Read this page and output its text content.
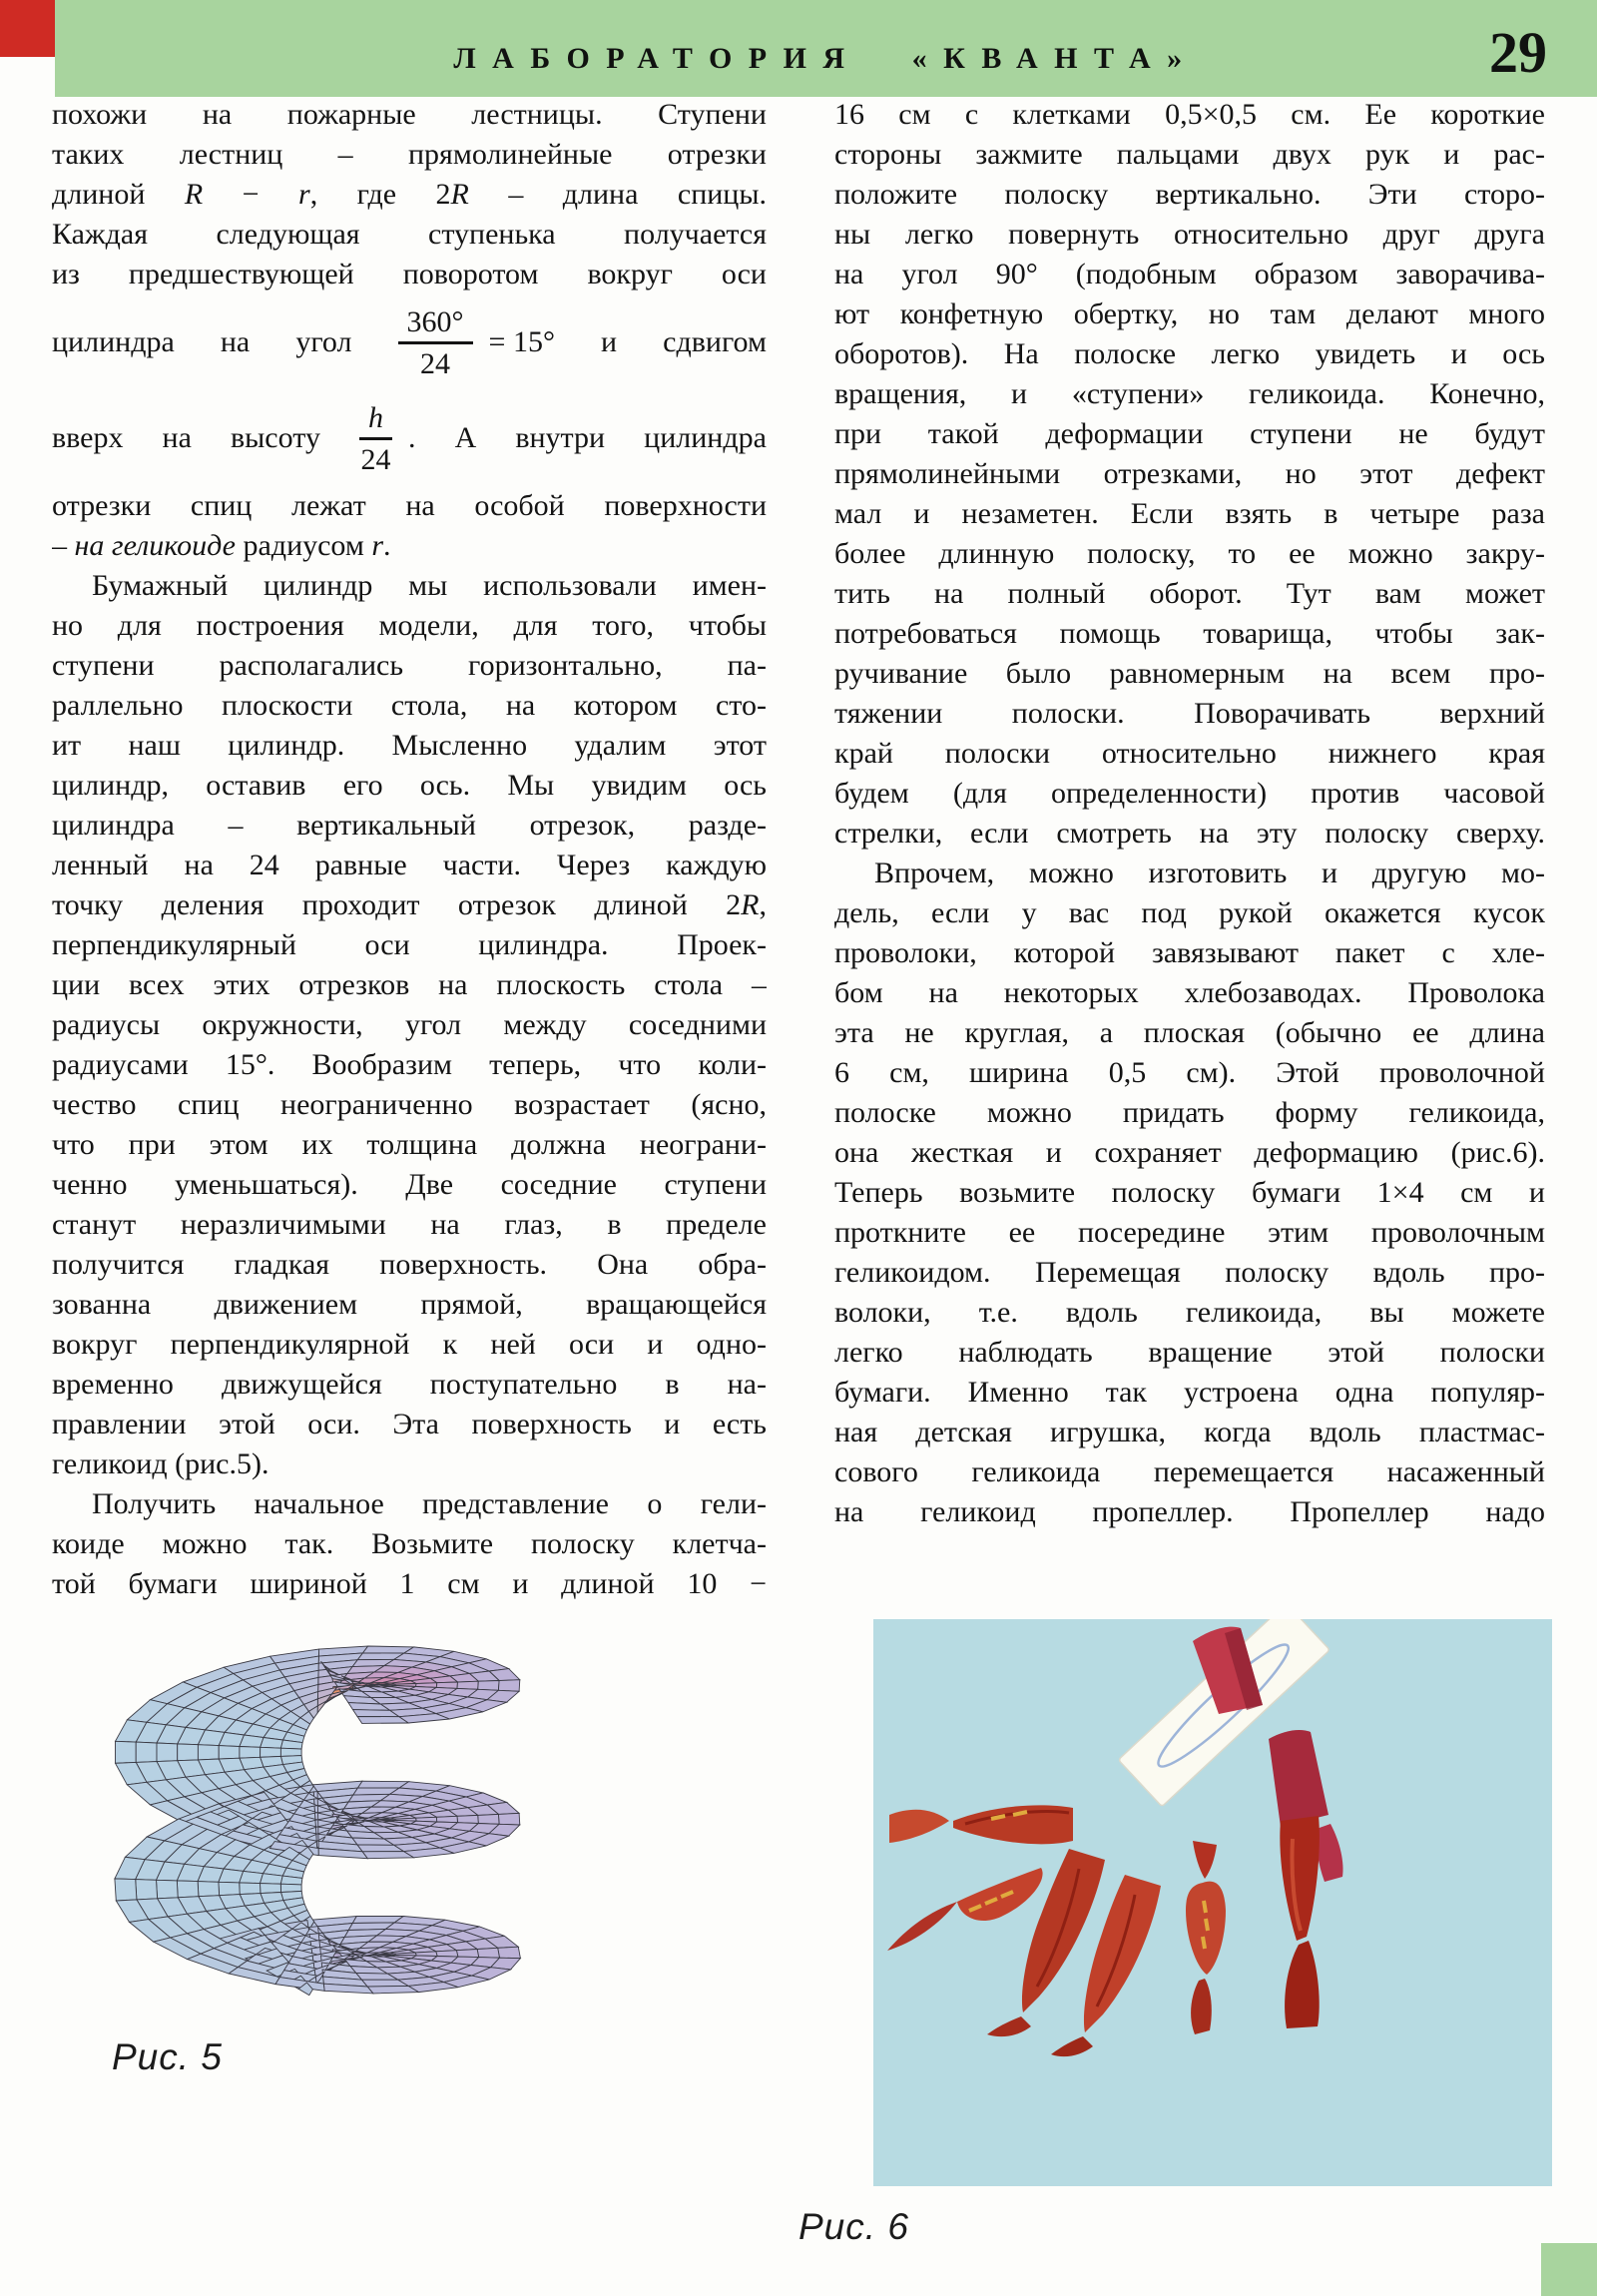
ЛАБОРАТОРИЯ «КВАНТА»	29
похожи на пожарные лестницы. Ступени
таких лестниц – прямолинейные отрезки
длиной R − r, где 2R – длина спицы.
Каждая следующая ступенька получается
из предшествующей поворотом вокруг оси
цилиндра на угол $\frac{360^\circ}{24} = 15^\circ$ и сдвигом
вверх на высоту $\frac{h}{24}$ . А внутри цилиндра
отрезки спиц лежат на особой поверхности
– на геликоиде радиусом r.
Бумажный цилиндр мы использовали имен-
но для построения модели, для того, чтобы
ступени располагались горизонтально, па-
раллельно плоскости стола, на котором сто-
ит наш цилиндр. Мысленно удалим этот
цилиндр, оставив его ось. Мы увидим ось
цилиндра – вертикальный отрезок, разде-
ленный на 24 равные части. Через каждую
точку деления проходит отрезок длиной 2R,
перпендикулярный оси цилиндра. Проек-
ции всех этих отрезков на плоскость стола –
радиусы окружности, угол между соседними
радиусами 15°. Вообразим теперь, что коли-
чество спиц неограниченно возрастает (ясно,
что при этом их толщина должна неограни-
ченно уменьшаться). Две соседние ступени
станут неразличимыми на глаз, в пределе
получится гладкая поверхность. Она обра-
зованна движением прямой, вращающейся
вокруг перпендикулярной к ней оси и одно-
временно движущейся поступательно в на-
правлении этой оси. Эта поверхность и есть
геликоид (рис.5).
Получить начальное представление о гели-
коиде можно так. Возьмите полоску клетча-
той бумаги шириной 1 см и длиной 10 −
16 см с клетками 0,5×0,5 см. Ее короткие
стороны зажмите пальцами двух рук и рас-
положите полоску вертикально. Эти сторо-
ны легко повернуть относительно друг друга
на угол 90° (подобным образом заворачива-
ют конфетную обертку, но там делают много
оборотов). На полоске легко увидеть и ось
вращения, и «ступени» геликоида. Конечно,
при такой деформации ступени не будут
прямолинейными отрезками, но этот дефект
мал и незаметен. Если взять в четыре раза
более длинную полоску, то ее можно закру-
тить на полный оборот. Тут вам может
потребоваться помощь товарища, чтобы зак-
ручивание было равномерным на всем про-
тяжении полоски. Поворачивать верхний
край полоски относительно нижнего края
будем (для определенности) против часовой
стрелки, если смотреть на эту полоску сверху.
Впрочем, можно изготовить и другую мо-
дель, если у вас под рукой окажется кусок
проволоки, которой завязывают пакет с хле-
бом на некоторых хлебозаводах. Проволока
эта не круглая, а плоская (обычно ее длина
6 см, ширина 0,5 см). Этой проволочной
полоске можно придать форму геликоида,
она жесткая и сохраняет деформацию (рис.6).
Теперь возьмите полоску бумаги 1×4 см и
проткните ее посередине этим проволочным
геликоидом. Перемещая полоску вдоль про-
волоки, т.е. вдоль геликоида, вы можете
легко наблюдать вращение этой полоски
бумаги. Именно так устроена одна популяр-
ная детская игрушка, когда вдоль пластмас-
сового геликоида перемещается насаженный
на геликоид пропеллер. Пропеллер надо
Рис. 5
Рис. 6
